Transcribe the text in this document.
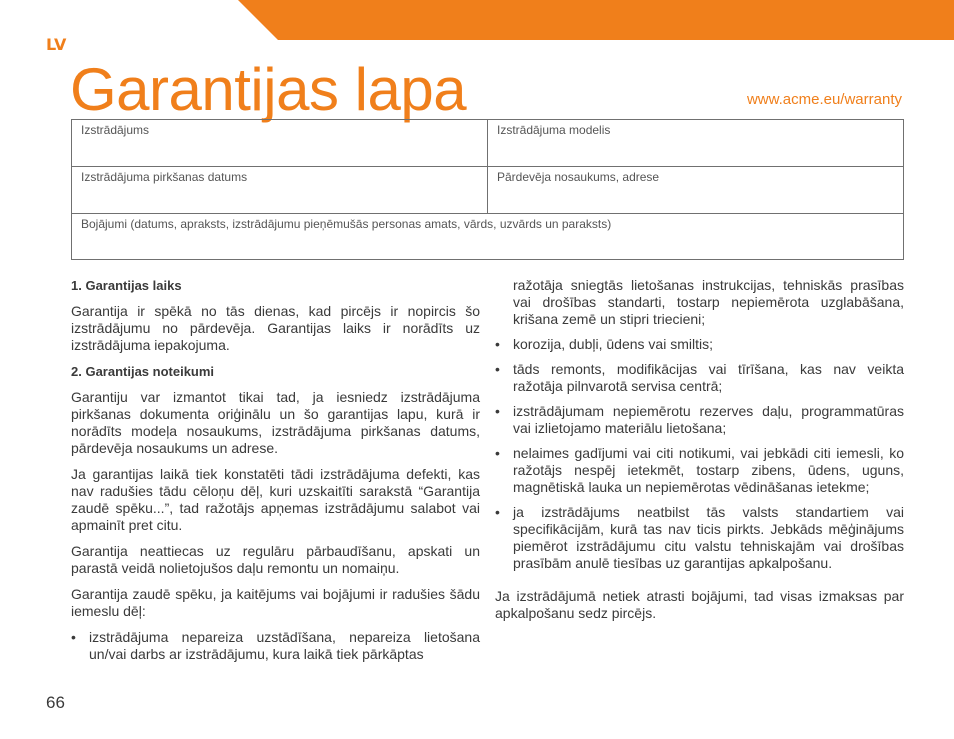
LV
Garantijas lapa	www.acme.eu/warranty
Izstrādājums	Izstrādājuma modelis
Izstrādājuma pirkšanas datums	Pārdevēja nosaukums, adrese
Bojājumi (datums, apraksts, izstrādājumu pieņēmušās personas amats, vārds, uzvārds un paraksts)
1. Garantijas laiks

Garantija ir spēkā no tās dienas, kad pircējs ir nopircis šo izstrādājumu no pārdevēja. Garantijas laiks ir norādīts uz izstrādājuma iepakojuma.

2. Garantijas noteikumi

Garantiju var izmantot tikai tad, ja iesniedz izstrādājuma pirkšanas dokumenta oriģinālu un šo garantijas lapu, kurā ir norādīts modeļa nosaukums, izstrādājuma pirkšanas datums, pārdevēja nosaukums un adrese.

Ja garantijas laikā tiek konstatēti tādi izstrādājuma defekti, kas nav radušies tādu cēloņu dēļ, kuri uzskaitīti sarakstā “Garantija zaudē spēku...”, tad ražotājs apņemas izstrādājumu salabot vai apmainīt pret citu.

Garantija neattiecas uz regulāru pārbaudīšanu, apskati un parastā veidā nolietojušos daļu remontu un nomaiņu.

Garantija zaudē spēku, ja kaitējums vai bojājumi ir radušies šādu iemeslu dēļ:

• izstrādājuma nepareiza uzstādīšana, nepareiza lietošana un/vai darbs ar izstrādājumu, kura laikā tiek pārkāptas
ražotāja sniegtās lietošanas instrukcijas, tehniskās prasības vai drošības standarti, tostarp nepiemērota uzglabāšana, krišana zemē un stipri triecieni;
• korozija, dubļi, ūdens vai smiltis;
• tāds remonts, modifikācijas vai tīrīšana, kas nav veikta ražotāja pilnvarotā servisa centrā;
• izstrādājumam nepiemērotu rezerves daļu, programmatūras vai izlietojamo materiālu lietošana;
• nelaimes gadījumi vai citi notikumi, vai jebkādi citi iemesli, ko ražotājs nespēj ietekmēt, tostarp zibens, ūdens, uguns, magnētiskā lauka un nepiemērotas vēdināšanas ietekme;
• ja izstrādājums neatbilst tās valsts standartiem vai specifikācijām, kurā tas nav ticis pirkts. Jebkāds mēģinājums piemērot izstrādājumu citu valstu tehniskajām vai drošības prasībām anulē tiesības uz garantijas apkalpošanu.

Ja izstrādājumā netiek atrasti bojājumi, tad visas izmaksas par apkalpošanu sedz pircējs.

66
